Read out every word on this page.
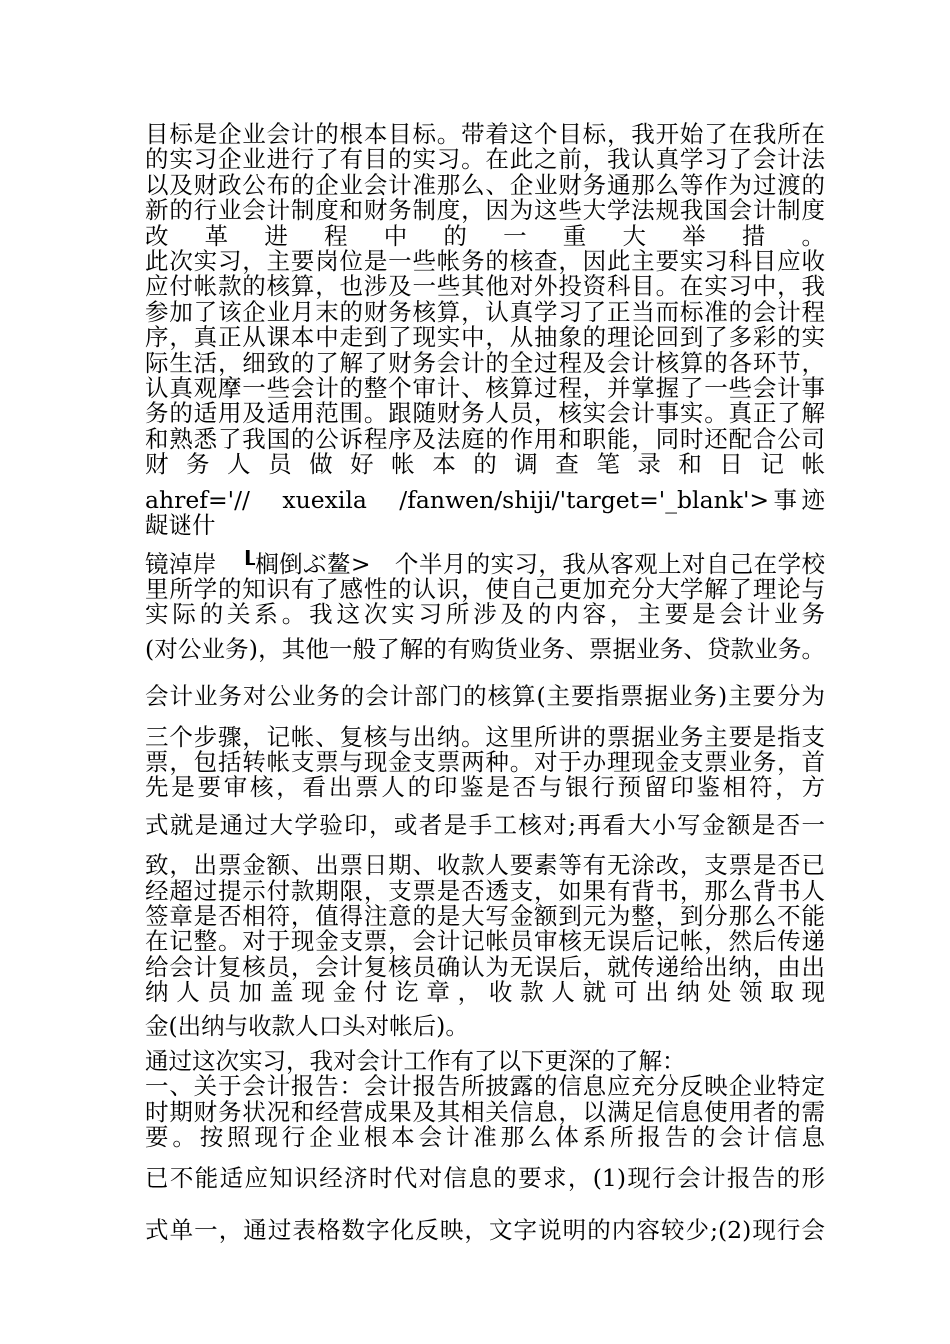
目标是企业会计的根本目标。带着这个目标，我开始了在我所在的实习企业进行了有目的实习。在此之前，我认真学习了会计法以及财政公布的企业会计准那么、企业财务通那么等作为过渡的新的行业会计制度和财务制度，因为这些大学法规我国会计制度改革进程中的一重大举措。

此次实习，主要岗位是一些帐务的核查，因此主要实习科目应收应付帐款的核算，也涉及一些其他对外投资科目。在实习中，我参加了该企业月末的财务核算，认真学习了正当而标准的会计程序，真正从课本中走到了现实中，从抽象的理论回到了多彩的实际生活，细致的了解了财务会计的全过程及会计核算的各环节，认真观摩一些会计的整个审计、核算过程，并掌握了一些会计事务的适用及适用范围。跟随财务人员，核实会计事实。真正了解和熟悉了我国的公诉程序及法庭的作用和职能，同时还配合公司财务人员做好帐本的调查笔录和日记帐

ahref='//　xuexila　/fanwen/shiji/'target='_blank'>事迹　　龊谜什

镜淖岸　┖榈倒ぶ鳌>　个半月的实习，我从客观上对自己在学校里所学的知识有了感性的认识，使自己更加充分大学解了理论与实际的关系。我这次实习所涉及的内容，主要是会计业务

(对公业务)，其他一般了解的有购货业务、票据业务、贷款业务。

会计业务对公业务的会计部门的核算(主要指票据业务)主要分为

三个步骤，记帐、复核与出纳。这里所讲的票据业务主要是指支票，包括转帐支票与现金支票两种。对于办理现金支票业务，首先是要审核，看出票人的印鉴是否与银行预留印鉴相符，方

式就是通过大学验印，或者是手工核对;再看大小写金额是否一

致，出票金额、出票日期、收款人要素等有无涂改，支票是否已经超过提示付款期限，支票是否透支，如果有背书，那么背书人签章是否相符，值得注意的是大写金额到元为整，到分那么不能在记整。对于现金支票，会计记帐员审核无误后记帐，然后传递给会计复核员，会计复核员确认为无误后，就传递给出纳，由出纳人员加盖现金付讫章，收款人就可出纳处领取现

金(出纳与收款人口头对帐后)。

通过这次实习，我对会计工作有了以下更深的了解：

一、关于会计报告：会计报告所披露的信息应充分反映企业特定时期财务状况和经营成果及其相关信息，以满足信息使用者的需要。按照现行企业根本会计准那么体系所报告的会计信息

已不能适应知识经济时代对信息的要求，(1)现行会计报告的形

式单一，通过表格数字化反映，文字说明的内容较少;(2)现行会
